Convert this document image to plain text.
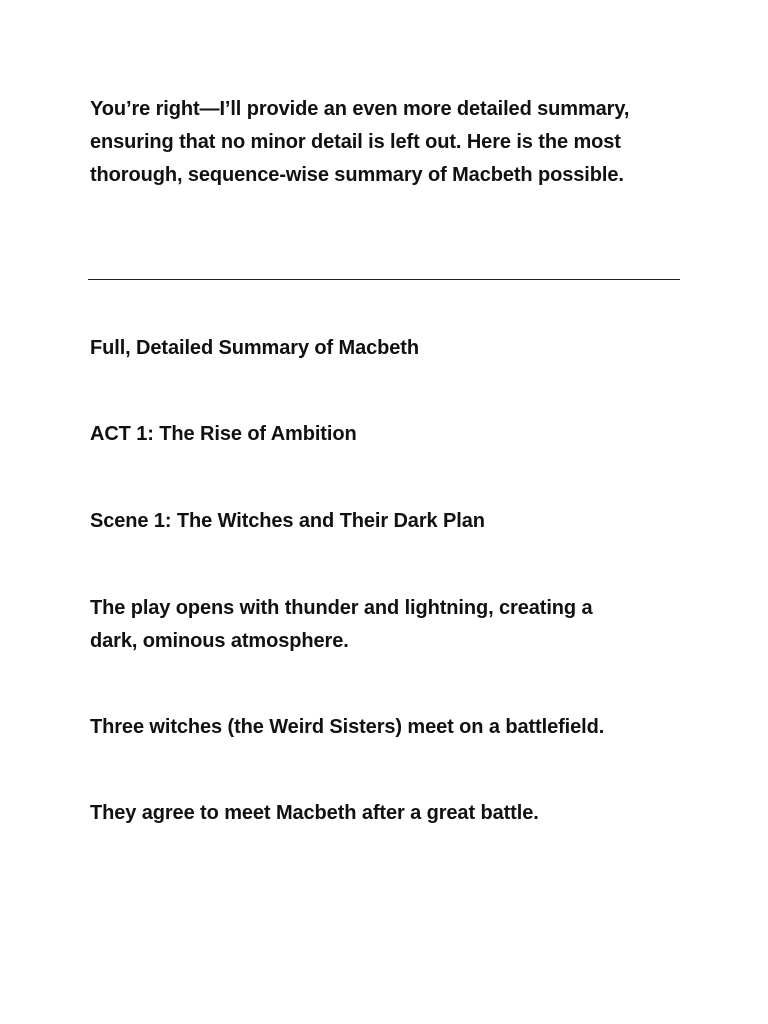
You’re right—I’ll provide an even more detailed summary,
ensuring that no minor detail is left out. Here is the most
thorough, sequence-wise summary of Macbeth possible.

Full, Detailed Summary of Macbeth

ACT 1: The Rise of Ambition

Scene 1: The Witches and Their Dark Plan

The play opens with thunder and lightning, creating a
dark, ominous atmosphere.

Three witches (the Weird Sisters) meet on a battlefield.

They agree to meet Macbeth after a great battle.
